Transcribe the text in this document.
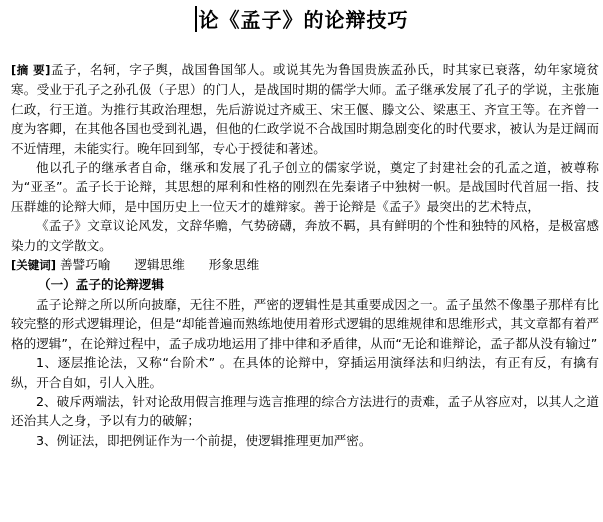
论《孟子》的论辩技巧

[摘 要]孟子，名轲，字子舆，战国鲁国邹人。或说其先为鲁国贵族孟孙氏，时其家已衰落，幼年家境贫寒。受业于孔子之孙孔伋（子思）的门人，是战国时期的儒学大师。孟子继承发展了孔子的学说，主张施仁政，行王道。为推行其政治理想，先后游说过齐威王、宋王偃、滕文公、梁惠王、齐宣王等。在齐曾一度为客卿，在其他各国也受到礼遇，但他的仁政学说不合战国时期急剧变化的时代要求，被认为是迂阔而不近情理，未能实行。晚年回到邹，专心于授徒和著述。

他以孔子的继承者自命，继承和发展了孔子创立的儒家学说，奠定了封建社会的孔孟之道，被尊称为“亚圣”。孟子长于论辩，其思想的犀利和性格的刚烈在先秦诸子中独树一帜。是战国时代首屈一指、技压群雄的论辩大师，是中国历史上一位天才的雄辩家。善于论辩是《孟子》最突出的艺术特点，

《孟子》文章议论风发，文辞华赡，气势磅礴，奔放不羁，具有鲜明的个性和独特的风格，是极富感染力的文学散文。

[关键词] 善譬巧喻 逻辑思维 形象思维

（一）孟子的论辩逻辑

孟子论辩之所以所向披靡，无往不胜，严密的逻辑性是其重要成因之一。孟子虽然不像墨子那样有比较完整的形式逻辑理论，但是“却能普遍而熟练地使用着形式逻辑的思维规律和思维形式，其文章都有着严格的逻辑”，在论辩过程中，孟子成功地运用了排中律和矛盾律，从而“无论和谁辩论，孟子都从没有输过”

1、逐层推论法，又称“台阶术” 。在具体的论辩中，穿插运用演绎法和归纳法，有正有反，有擒有纵，开合自如，引人入胜。

2、破斥两端法，针对论敌用假言推理与选言推理的综合方法进行的责难，孟子从容应对，以其人之道还治其人之身，予以有力的破解；

3、例证法，即把例证作为一个前提，使逻辑推理更加严密。
